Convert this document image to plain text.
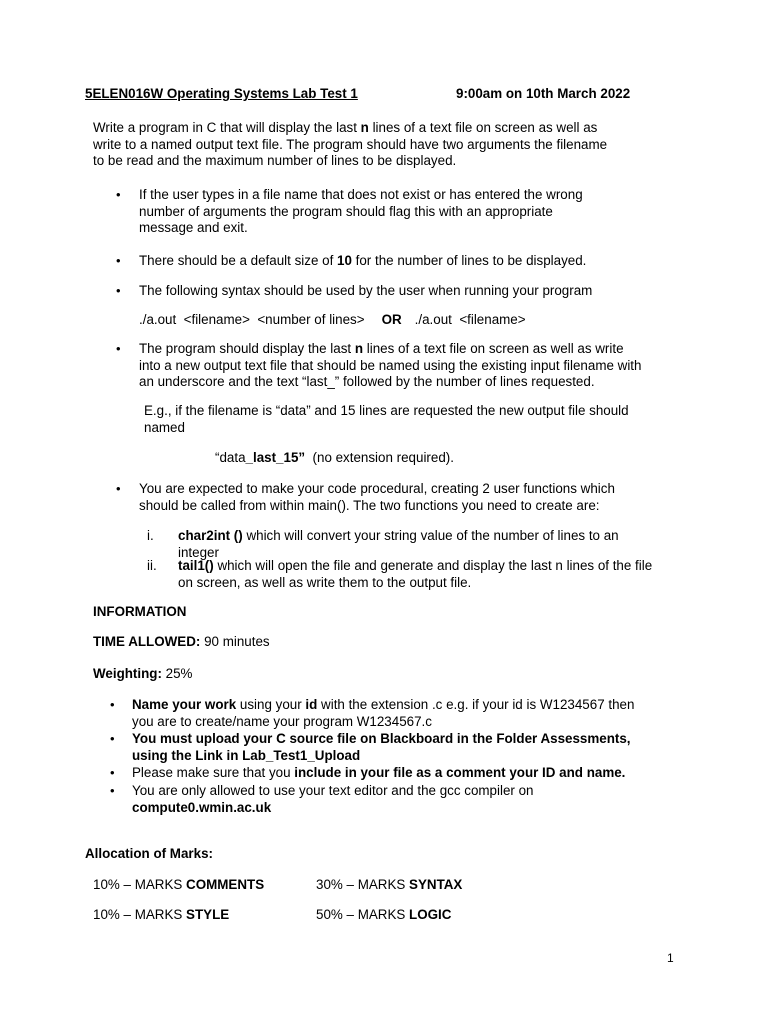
5ELEN016W Operating Systems Lab Test 1	9:00am on 10th March 2022
Write a program in C that will display the last n lines of a text file on screen as well as
write to a named output text file. The program should have two arguments the filename
to be read and the maximum number of lines to be displayed.
• If the user types in a file name that does not exist or has entered the wrong
number of arguments the program should flag this with an appropriate
message and exit.
• There should be a default size of 10 for the number of lines to be displayed.
• The following syntax should be used by the user when running your program
./a.out  <filename>  <number of lines> OR ./a.out  <filename>
• The program should display the last n lines of a text file on screen as well as write
into a new output text file that should be named using the existing input filename with
an underscore and the text “last_” followed by the number of lines requested.
E.g., if the filename is “data” and 15 lines are requested the new output file should
named
“data_last_15”  (no extension required).
• You are expected to make your code procedural, creating 2 user functions which
should be called from within main(). The two functions you need to create are:
i. char2int () which will convert your string value of the number of lines to an
integer
ii. tail1() which will open the file and generate and display the last n lines of the file
on screen, as well as write them to the output file.
INFORMATION
TIME ALLOWED: 90 minutes
Weighting: 25%
• Name your work using your id with the extension .c e.g. if your id is W1234567 then
you are to create/name your program W1234567.c
• You must upload your C source file on Blackboard in the Folder Assessments,
using the Link in Lab_Test1_Upload
• Please make sure that you include in your file as a comment your ID and name.
• You are only allowed to use your text editor and the gcc compiler on
compute0.wmin.ac.uk
Allocation of Marks:
10% – MARKS COMMENTS	30% – MARKS SYNTAX
10% – MARKS STYLE	50% – MARKS LOGIC
1
